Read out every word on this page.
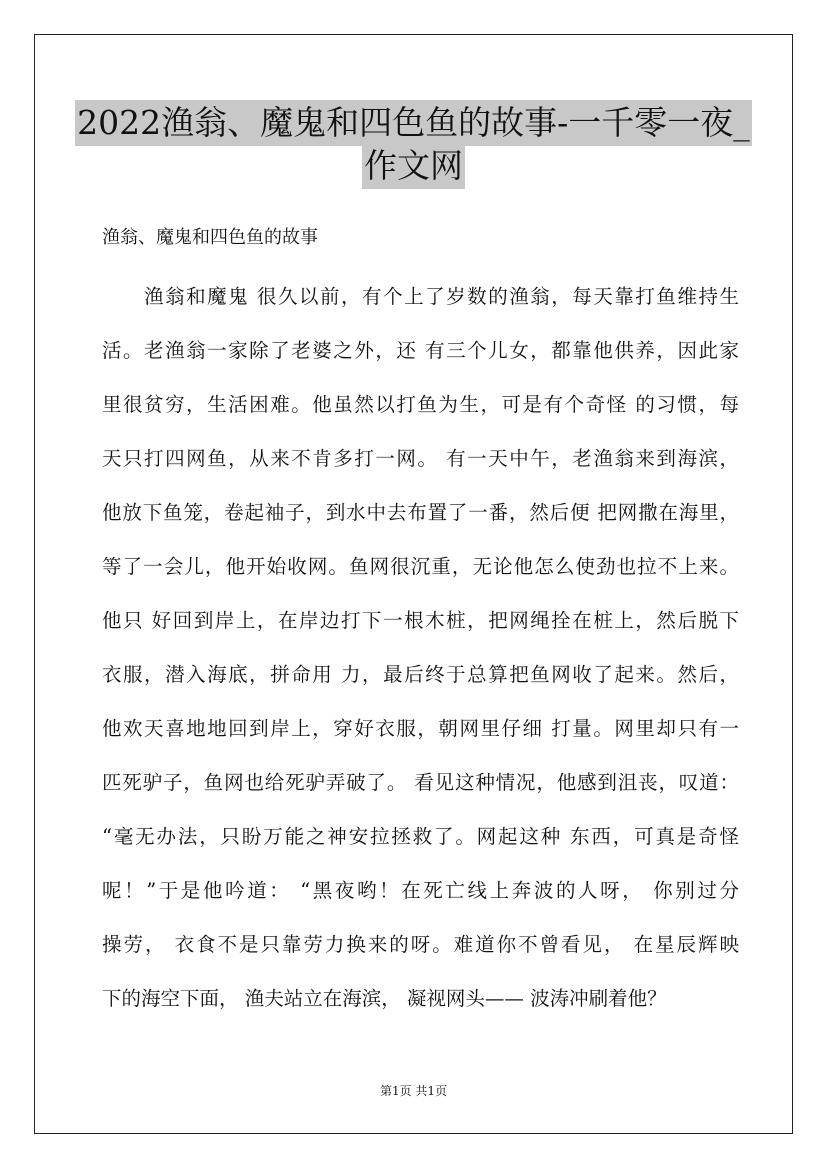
2022渔翁、魔鬼和四色鱼的故事-一千零一夜_
作文网
渔翁、魔鬼和四色鱼的故事
　　渔翁和魔鬼 很久以前，有个上了岁数的渔翁，每天靠打鱼维持生
活。老渔翁一家除了老婆之外，还 有三个儿女，都靠他供养，因此家
里很贫穷，生活困难。他虽然以打鱼为生，可是有个奇怪 的习惯，每
天只打四网鱼，从来不肯多打一网。 有一天中午，老渔翁来到海滨，
他放下鱼笼，卷起袖子，到水中去布置了一番，然后便 把网撒在海里，
等了一会儿，他开始收网。鱼网很沉重，无论他怎么使劲也拉不上来。
他只 好回到岸上，在岸边打下一根木桩，把网绳拴在桩上，然后脱下
衣服，潜入海底，拼命用 力，最后终于总算把鱼网收了起来。然后，
他欢天喜地地回到岸上，穿好衣服，朝网里仔细 打量。网里却只有一
匹死驴子，鱼网也给死驴弄破了。 看见这种情况，他感到沮丧，叹道：
“毫无办法，只盼万能之神安拉拯救了。网起这种 东西，可真是奇怪
呢！”于是他吟道： “黑夜哟！在死亡线上奔波的人呀， 你别过分
操劳， 衣食不是只靠劳力换来的呀。难道你不曾看见， 在星辰辉映
下的海空下面， 渔夫站立在海滨， 凝视网头—— 波涛冲刷着他？
第1页 共1页
